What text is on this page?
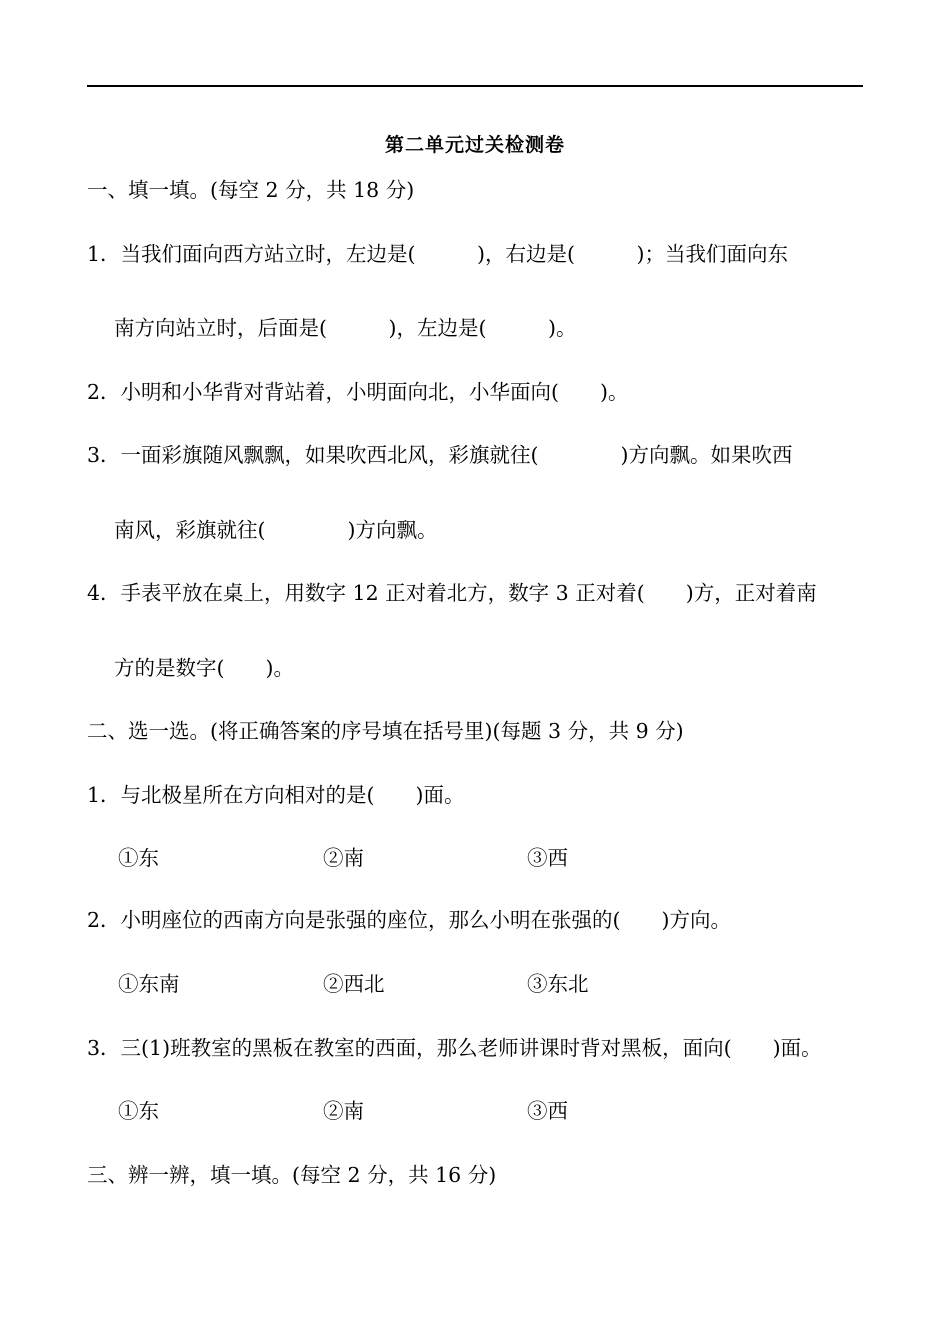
第二单元过关检测卷
一、填一填。(每空 2 分，共 18 分)
1．当我们面向西方站立时，左边是(　　　)，右边是(　　　)；当我们面向东
南方向站立时，后面是(　　　)，左边是(　　　)。
2．小明和小华背对背站着，小明面向北，小华面向(　　)。
3．一面彩旗随风飘飘，如果吹西北风，彩旗就往(　　　　)方向飘。如果吹西
南风，彩旗就往(　　　　)方向飘。
4．手表平放在桌上，用数字 12 正对着北方，数字 3 正对着(　　)方，正对着南
方的是数字(　　)。
二、选一选。(将正确答案的序号填在括号里)(每题 3 分，共 9 分)
1．与北极星所在方向相对的是(　　)面。
①东	②南	③西
2．小明座位的西南方向是张强的座位，那么小明在张强的(　　)方向。
①东南	②西北	③东北
3．三(1)班教室的黑板在教室的西面，那么老师讲课时背对黑板，面向(　　)面。
①东	②南	③西
三、辨一辨，填一填。(每空 2 分，共 16 分)
